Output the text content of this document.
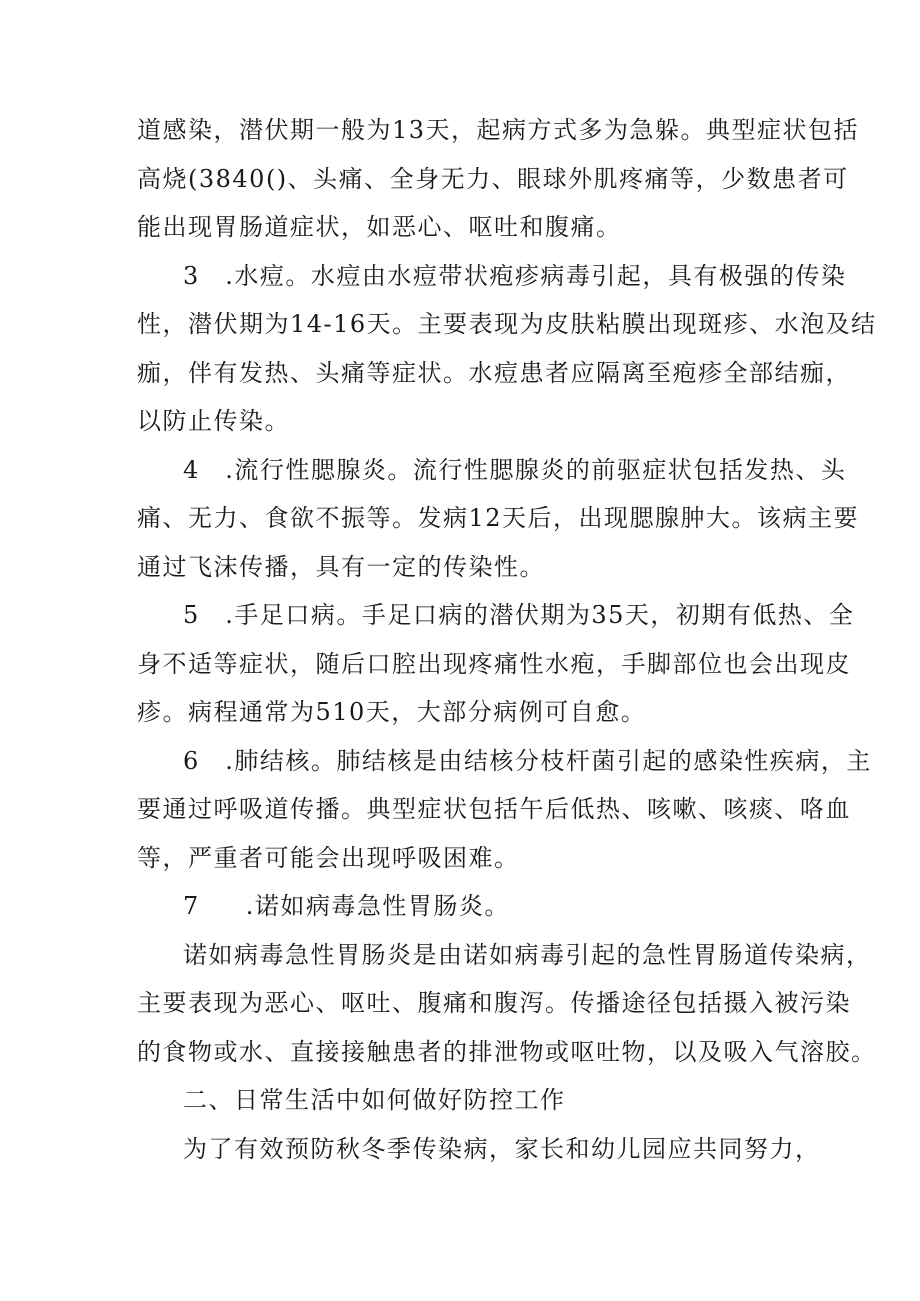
道感染，潜伏期一般为13天，起病方式多为急躲。典型症状包括
高烧(3840()、头痛、全身无力、眼球外肌疼痛等，少数患者可
能出现胃肠道症状，如恶心、呕吐和腹痛。
3　.水痘。水痘由水痘带状疱疹病毒引起，具有极强的传染
性，潜伏期为14-16天。主要表现为皮肤粘膜出现斑疹、水泡及结
痂，伴有发热、头痛等症状。水痘患者应隔离至疱疹全部结痂，
以防止传染。
4　.流行性腮腺炎。流行性腮腺炎的前驱症状包括发热、头
痛、无力、食欲不振等。发病12天后，出现腮腺肿大。该病主要
通过飞沫传播，具有一定的传染性。
5　.手足口病。手足口病的潜伏期为35天，初期有低热、全
身不适等症状，随后口腔出现疼痛性水疱，手脚部位也会出现皮
疹。病程通常为510天，大部分病例可自愈。
6　.肺结核。肺结核是由结核分枝杆菌引起的感染性疾病，主
要通过呼吸道传播。典型症状包括午后低热、咳嗽、咳痰、咯血
等，严重者可能会出现呼吸困难。
7 .诺如病毒急性胃肠炎。
诺如病毒急性胃肠炎是由诺如病毒引起的急性胃肠道传染病，
主要表现为恶心、呕吐、腹痛和腹泻。传播途径包括摄入被污染
的食物或水、直接接触患者的排泄物或呕吐物，以及吸入气溶胶。
二、日常生活中如何做好防控工作
为了有效预防秋冬季传染病，家长和幼儿园应共同努力，
